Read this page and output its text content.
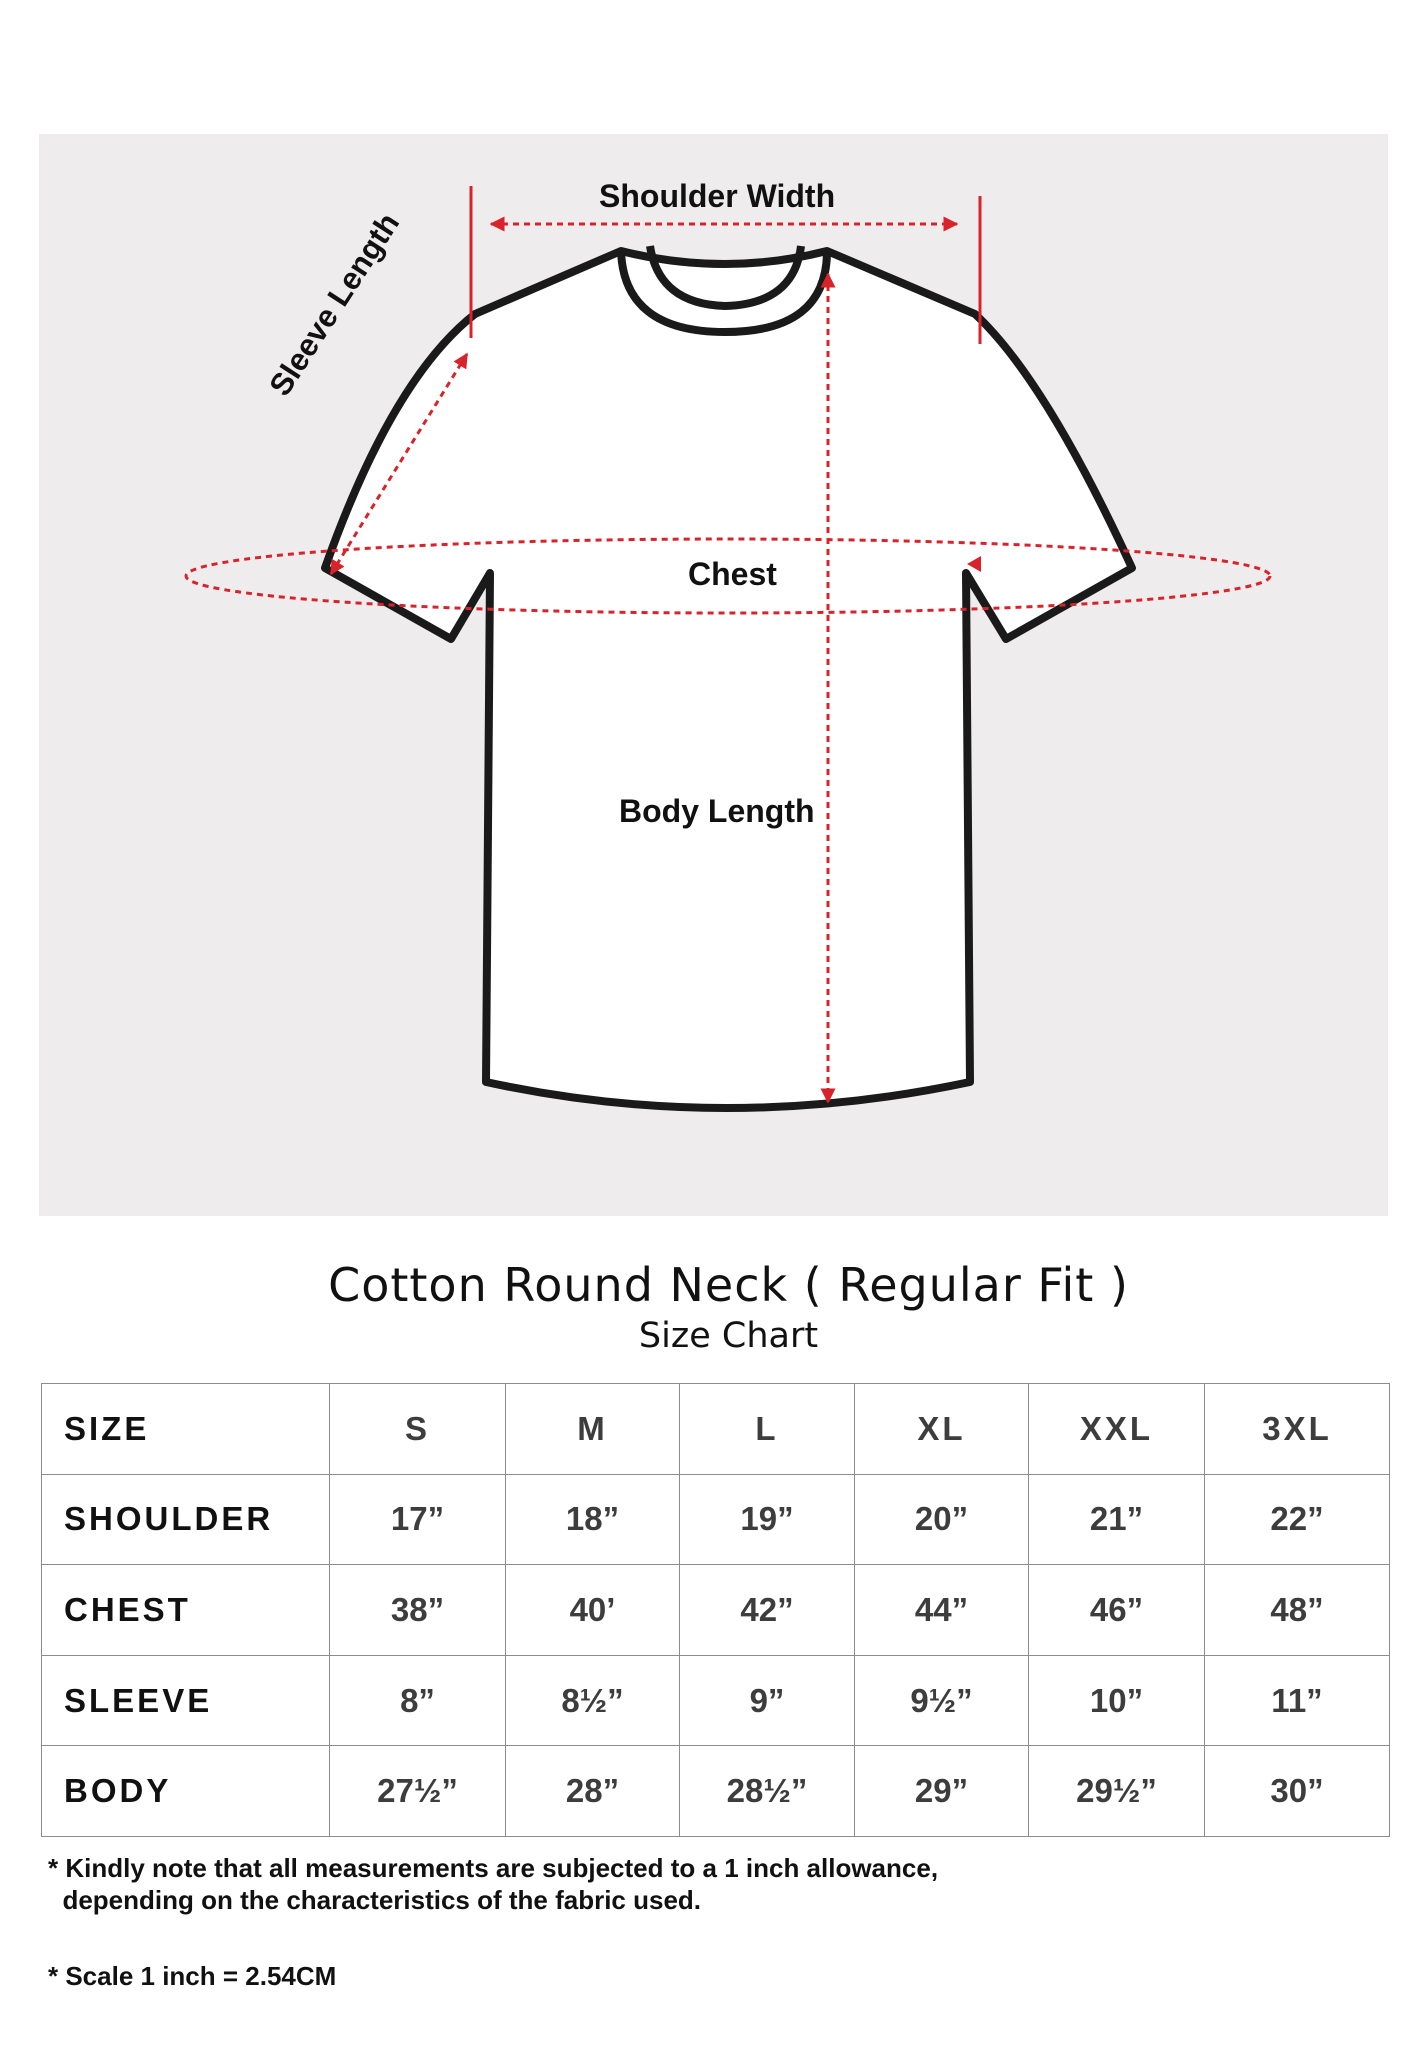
Shoulder Width
Sleeve Length
Chest
Body Length
Cotton Round Neck ( Regular Fit )
Size Chart
SIZE	S	M	L	XL	XXL	3XL
SHOULDER	17”	18”	19”	20”	21”	22”
CHEST	38”	40’	42”	44”	46”	48”
SLEEVE	8”	8½”	9”	9½”	10”	11”
BODY	27½”	28”	28½”	29”	29½”	30”
* Kindly note that all measurements are subjected to a 1 inch allowance,
depending on the characteristics of the fabric used.
* Scale 1 inch = 2.54CM
